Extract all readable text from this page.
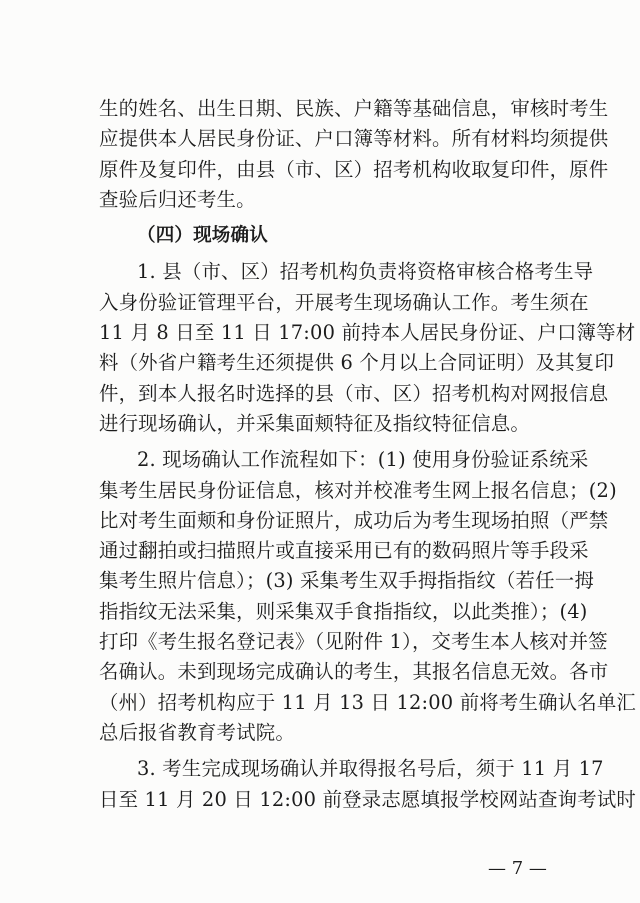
生的姓名、出生日期、民族、户籍等基础信息，审核时考生
应提供本人居民身份证、户口簿等材料。所有材料均须提供
原件及复印件，由县（市、区）招考机构收取复印件，原件
查验后归还考生。
（四）现场确认
1. 县（市、区）招考机构负责将资格审核合格考生导
入身份验证管理平台，开展考生现场确认工作。考生须在
11 月 8 日至 11 日 17:00 前持本人居民身份证、户口簿等材
料（外省户籍考生还须提供 6 个月以上合同证明）及其复印
件，到本人报名时选择的县（市、区）招考机构对网报信息
进行现场确认，并采集面颊特征及指纹特征信息。
2. 现场确认工作流程如下：(1) 使用身份验证系统采
集考生居民身份证信息，核对并校准考生网上报名信息；(2)
比对考生面颊和身份证照片，成功后为考生现场拍照（严禁
通过翻拍或扫描照片或直接采用已有的数码照片等手段采
集考生照片信息）；(3) 采集考生双手拇指指纹（若任一拇
指指纹无法采集，则采集双手食指指纹，以此类推）；(4)
打印《考生报名登记表》（见附件 1），交考生本人核对并签
名确认。未到现场完成确认的考生，其报名信息无效。各市
（州）招考机构应于 11 月 13 日 12:00 前将考生确认名单汇
总后报省教育考试院。
3. 考生完成现场确认并取得报名号后，须于 11 月 17
日至 11 月 20 日 12:00 前登录志愿填报学校网站查询考试时
— 7 —
